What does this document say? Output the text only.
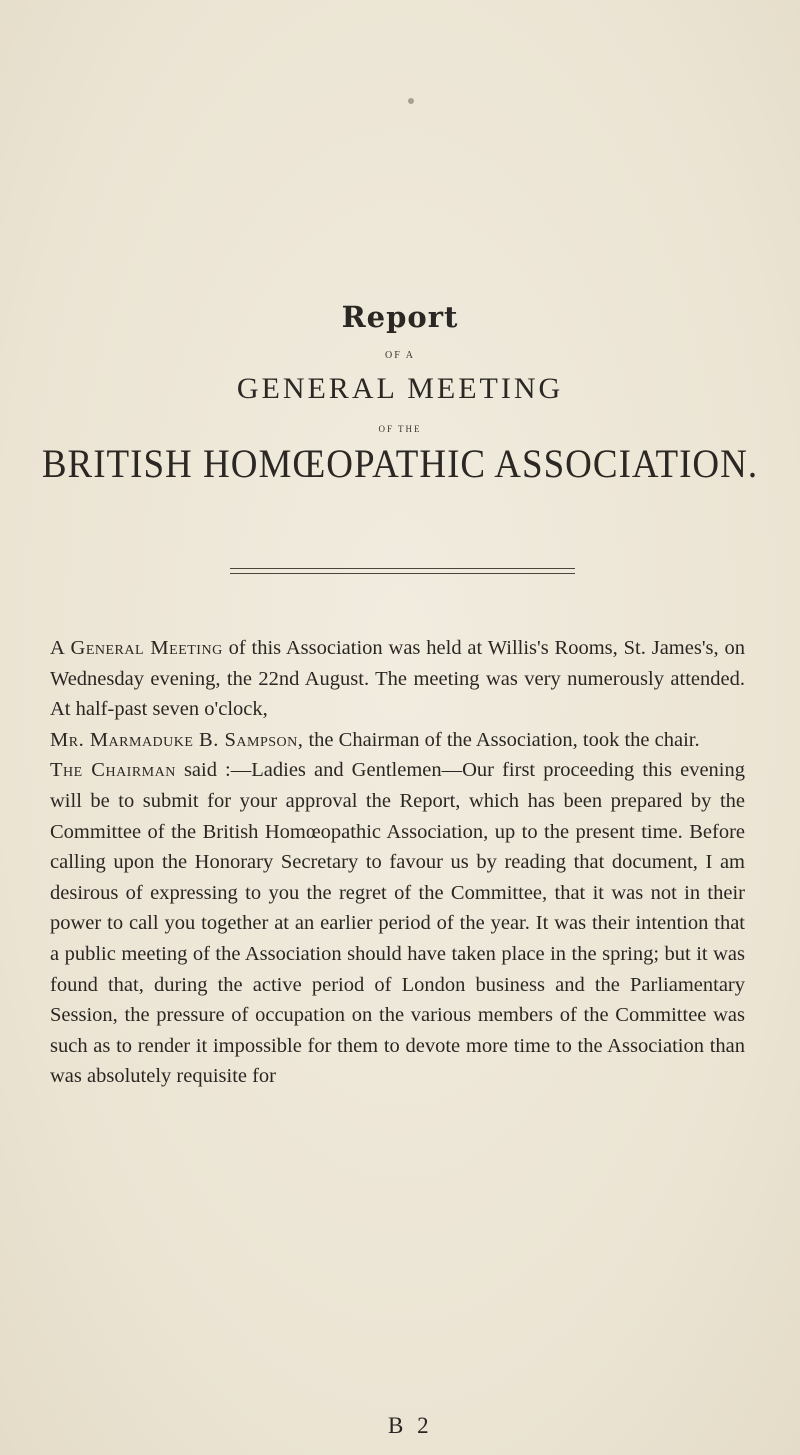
Report
OF A
GENERAL MEETING
OF THE
BRITISH HOMŒOPATHIC ASSOCIATION.

A General Meeting of this Association was held at Willis's Rooms, St. James's, on Wednesday evening, the 22nd August. The meeting was very numerously attended. At half-past seven o'clock,

Mr. Marmaduke B. Sampson, the Chairman of the Association, took the chair.

The Chairman said :—Ladies and Gentlemen—Our first proceeding this evening will be to submit for your approval the Report, which has been prepared by the Committee of the British Homœopathic Association, up to the present time. Before calling upon the Honorary Secretary to favour us by reading that document, I am desirous of expressing to you the regret of the Committee, that it was not in their power to call you together at an earlier period of the year. It was their intention that a public meeting of the Association should have taken place in the spring; but it was found that, during the active period of London business and the Parliamentary Session, the pressure of occupation on the various members of the Committee was such as to render it impossible for them to devote more time to the Association than was absolutely requisite for

B 2
